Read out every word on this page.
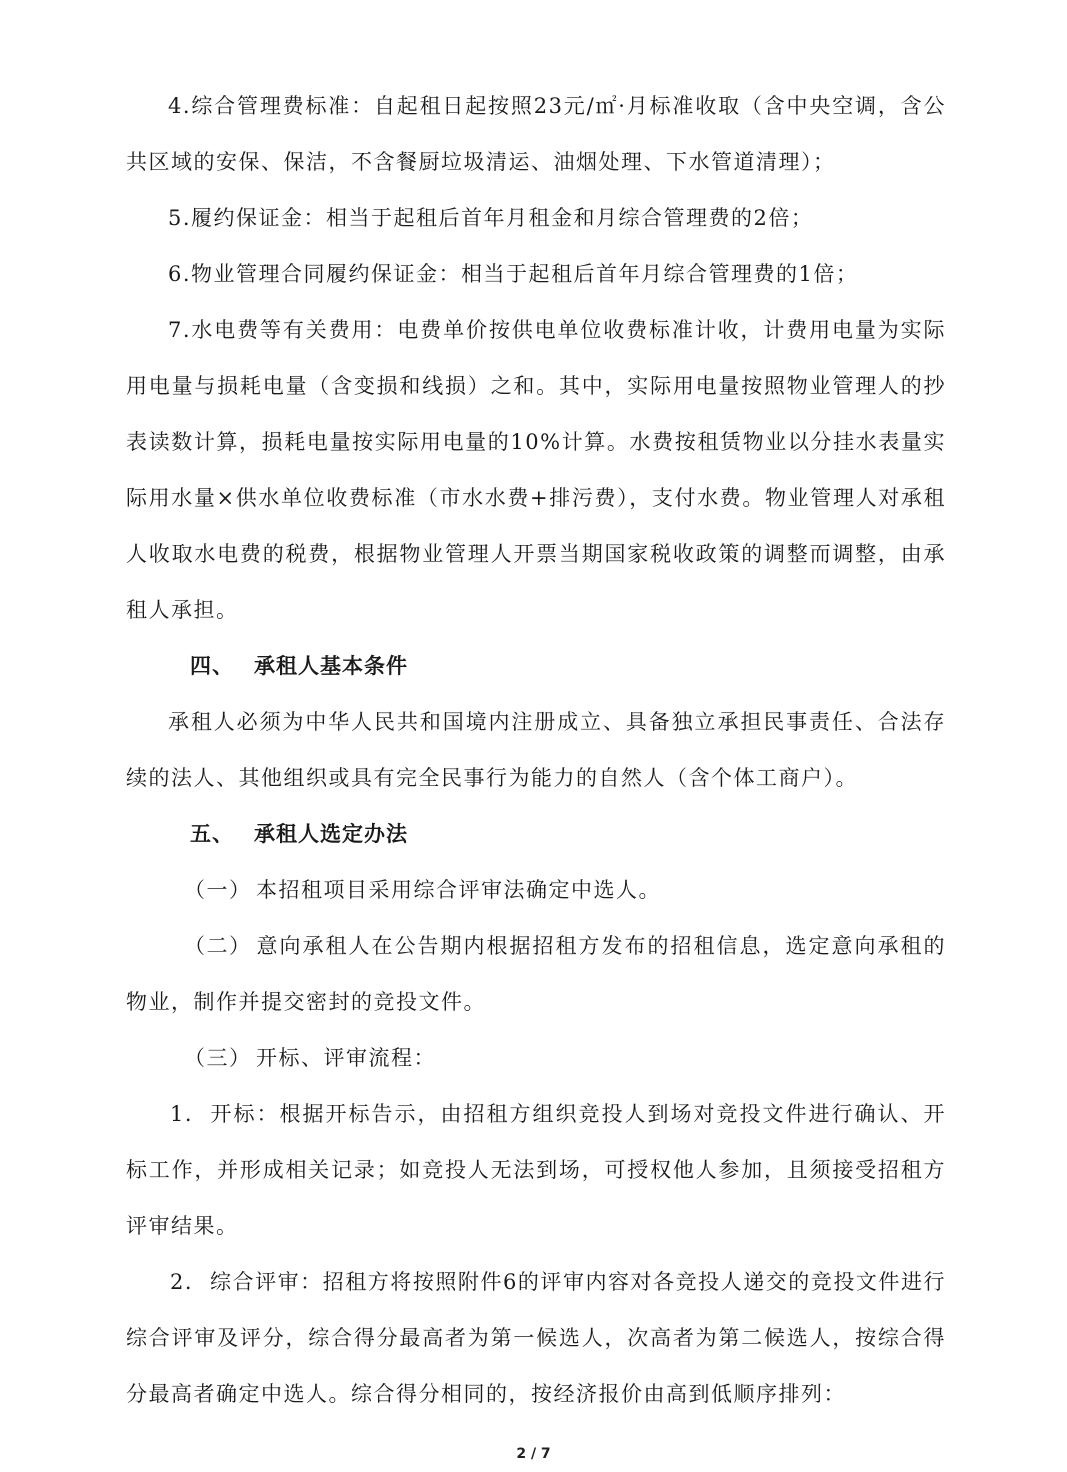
4.综合管理费标准：自起租日起按照23元/㎡·月标准收取（含中央空调，含公共区域的安保、保洁，不含餐厨垃圾清运、油烟处理、下水管道清理）；

5.履约保证金：相当于起租后首年月租金和月综合管理费的2倍；

6.物业管理合同履约保证金：相当于起租后首年月综合管理费的1倍；

7.水电费等有关费用：电费单价按供电单位收费标准计收，计费用电量为实际用电量与损耗电量（含变损和线损）之和。其中，实际用电量按照物业管理人的抄表读数计算，损耗电量按实际用电量的10%计算。水费按租赁物业以分挂水表量实际用水量×供水单位收费标准（市水水费+排污费），支付水费。物业管理人对承租人收取水电费的税费，根据物业管理人开票当期国家税收政策的调整而调整，由承租人承担。

四、 承租人基本条件

承租人必须为中华人民共和国境内注册成立、具备独立承担民事责任、合法存续的法人、其他组织或具有完全民事行为能力的自然人（含个体工商户）。

五、 承租人选定办法

（一） 本招租项目采用综合评审法确定中选人。

（二） 意向承租人在公告期内根据招租方发布的招租信息，选定意向承租的物业，制作并提交密封的竞投文件。

（三） 开标、评审流程：

1. 开标：根据开标告示，由招租方组织竞投人到场对竞投文件进行确认、开标工作，并形成相关记录；如竞投人无法到场，可授权他人参加，且须接受招租方评审结果。

2. 综合评审：招租方将按照附件6的评审内容对各竞投人递交的竞投文件进行综合评审及评分，综合得分最高者为第一候选人，次高者为第二候选人，按综合得分最高者确定中选人。综合得分相同的，按经济报价由高到低顺序排列：

2 / 7
